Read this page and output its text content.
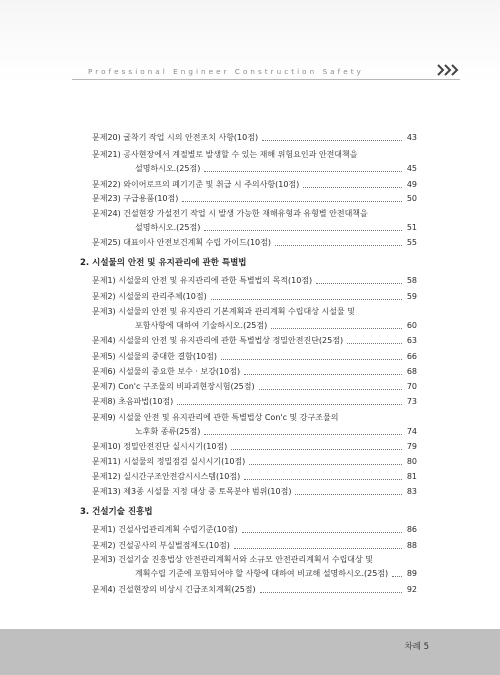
Professional Engineer Construction Safety
문제20) 굴착기 작업 시의 안전조치 사항(10점)	43
문제21) 공사현장에서 계절별로 발생할 수 있는 재해 위험요인과 안전대책을
설명하시오.(25점)	45
문제22) 와이어로프의 폐기기준 및 취급 시 주의사항(10점)	49
문제23) 구급용품(10점)	50
문제24) 건설현장 가설전기 작업 시 발생 가능한 재해유형과 유형별 안전대책을
설명하시오.(25점)	51
문제25) 대표이사 안전보건계획 수립 가이드(10점)	55
2. 시설물의 안전 및 유지관리에 관한 특별법
문제1) 시설물의 안전 및 유지관리에 관한 특별법의 목적(10점)	58
문제2) 시설물의 관리주체(10점)	59
문제3) 시설물의 안전 및 유지관리 기본계획과 관리계획 수립대상 시설물 및
포함사항에 대하여 기술하시오.(25점)	60
문제4) 시설물의 안전 및 유지관리에 관한 특별법상 정밀안전진단(25점)	63
문제5) 시설물의 중대한 결함(10점)	66
문제6) 시설물의 중요한 보수 · 보강(10점)	68
문제7) Con'c 구조물의 비파괴현장시험(25점)	70
문제8) 초음파법(10점)	73
문제9) 시설물 안전 및 유지관리에 관한 특별법상 Con'c 및 강구조물의
노후화 종류(25점)	74
문제10) 정밀안전진단 실시시기(10점)	79
문제11) 시설물의 정밀점검 실시시기(10점)	80
문제12) 실시간구조안전감시시스템(10점)	81
문제13) 제3종 시설물 지정 대상 중 토목분야 범위(10점)	83
3. 건설기술 진흥법
문제1) 건설사업관리계획 수립기준(10점)	86
문제2) 건설공사의 부실벌점제도(10점)	88
문제3) 건설기술 진흥법상 안전관리계획서와 소규모 안전관리계획서 수립대상 및
계획수립 기준에 포함되어야 할 사항에 대하여 비교해 설명하시오.(25점) 89
문제4) 건설현장의 비상시 긴급조치계획(25점)	92
차례 5
